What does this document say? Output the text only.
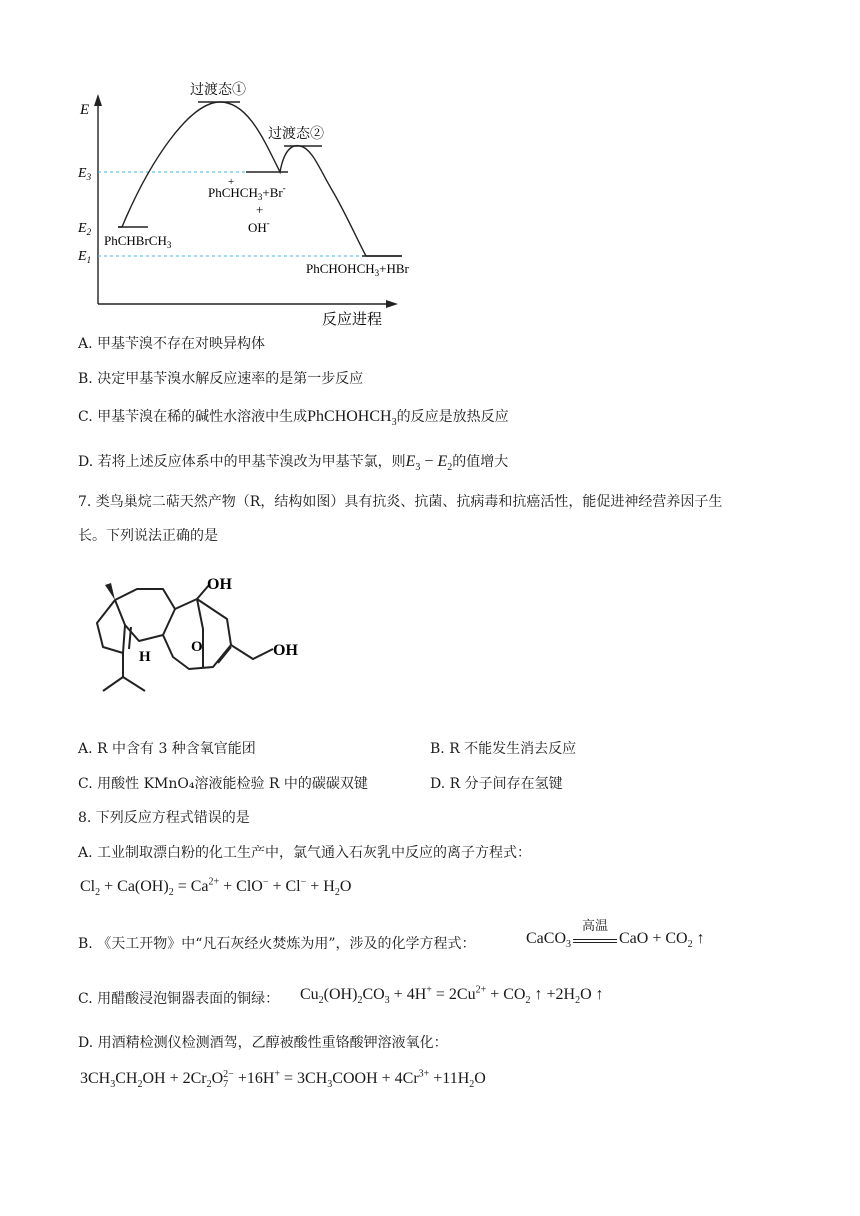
E
反应进程
$E_3$
$E_2$
$E_1$
过渡态①
过渡态②
PhCHBrCH$_3$
+
PhCHCH$_3$+Br-
+
OH-
PhCHOHCH$_3$+HBr
A. 甲基苄溴不存在对映异构体
B. 决定甲基苄溴水解反应速率的是第一步反应
C. 甲基苄溴在稀的碱性水溶液中生成PhCHOHCH$_3$的反应是放热反应
D. 若将上述反应体系中的甲基苄溴改为甲基苄氯，则$E_3 - E_2$的值增大
7. 类鸟巢烷二萜天然产物（R，结构如图）具有抗炎、抗菌、抗病毒和抗癌活性，能促进神经营养因子生
长。下列说法正确的是
OH
O
H	OH
A. R 中含有 3 种含氧官能团	B. R 不能发生消去反应
C. 用酸性 KMnO₄溶液能检验 R 中的碳碳双键	D. R 分子间存在氢键
8. 下列反应方程式错误的是
A. 工业制取漂白粉的化工生产中，氯气通入石灰乳中反应的离子方程式：
$Cl_2 + Ca(OH)_2 = Ca^{2+} + ClO^- + Cl^- + H_2O$
B. 《天工开物》中“凡石灰经火焚炼为用”，涉及的化学方程式：	CaCO$_3$
高温
CaO + $CO_2$ ↑
C. 用醋酸浸泡铜器表面的铜绿： $Cu_2(OH)_2CO_3 + 4H^+ = 2Cu^{2+} + CO_2$ ↑ $+2H_2O$ ↑
D. 用酒精检测仪检测酒驾，乙醇被酸性重铬酸钾溶液氧化：
$3CH_3CH_2OH + 2Cr_2O_7^{2-} +16H^+$ = $3CH_3COOH + 4Cr^{3+} +11H_2O$
